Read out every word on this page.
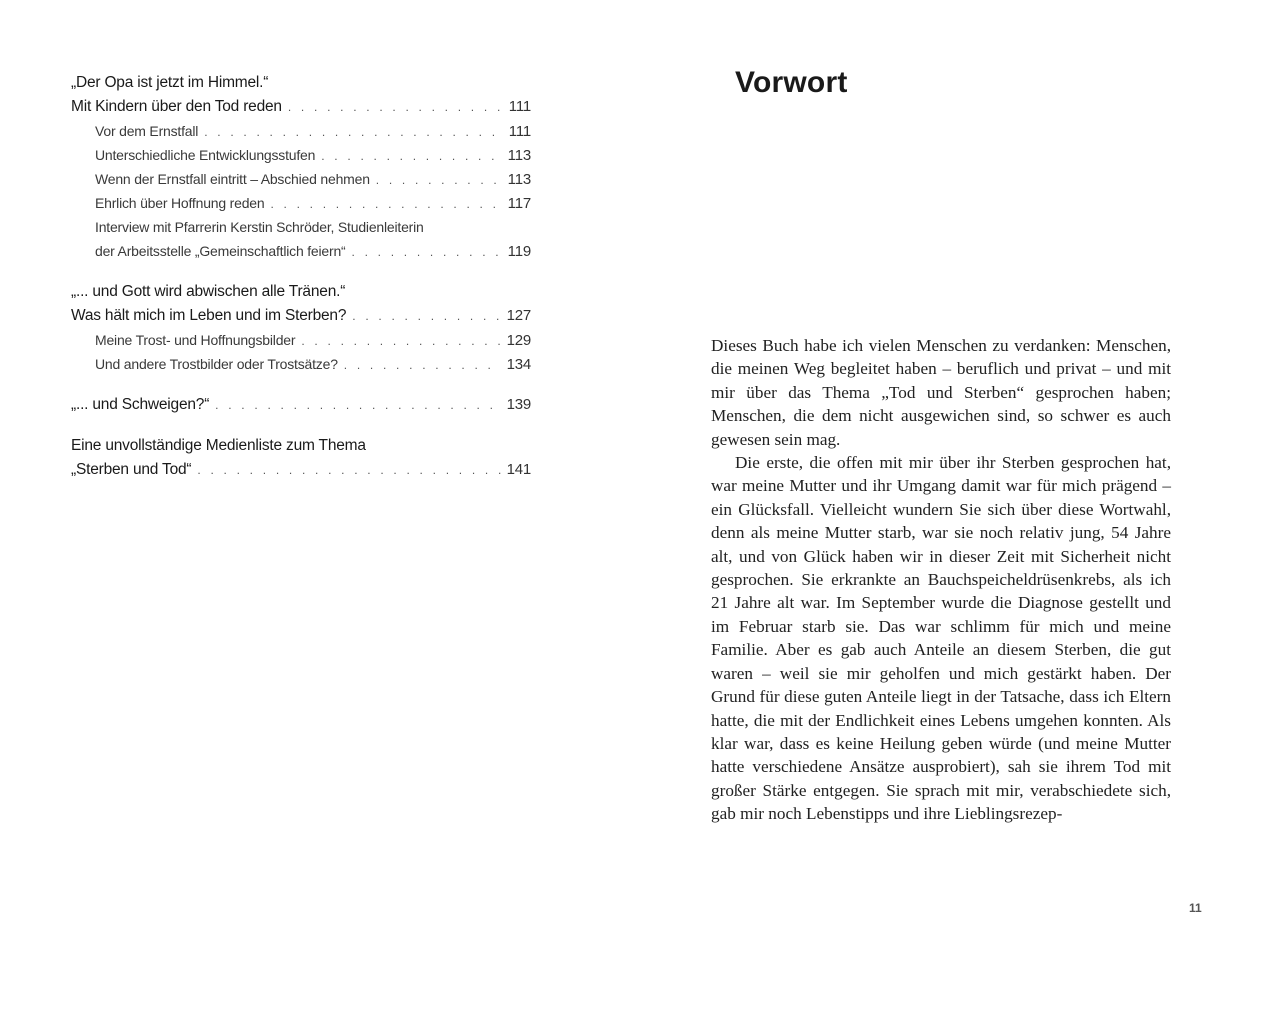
„Der Opa ist jetzt im Himmel.“
Mit Kindern über den Tod reden . . .	111
Vor dem Ernstfall . . .	111
Unterschiedliche Entwicklungsstufen . . .	113
Wenn der Ernstfall eintritt – Abschied nehmen . . .	113
Ehrlich über Hoffnung reden . . .	117
Interview mit Pfarrerin Kerstin Schröder, Studienleiterin
der Arbeitsstelle „Gemeinschaftlich feiern“ . . .	119
„... und Gott wird abwischen alle Tränen.“
Was hält mich im Leben und im Sterben? . . .	127
Meine Trost- und Hoffnungsbilder . . .	129
Und andere Trostbilder oder Trostsätze? . . .	134
„... und Schweigen?“ . . .	139
Eine unvollständige Medienliste zum Thema
„Sterben und Tod“ . . .	141
Vorwort

Dieses Buch habe ich vielen Menschen zu verdanken: Menschen, die meinen Weg begleitet haben – beruflich und privat – und mit mir über das Thema „Tod und Sterben“ gesprochen haben; Menschen, die dem nicht ausgewichen sind, so schwer es auch gewesen sein mag.

Die erste, die offen mit mir über ihr Sterben gesprochen hat, war meine Mutter und ihr Umgang damit war für mich prägend – ein Glücksfall. Vielleicht wundern Sie sich über diese Wortwahl, denn als meine Mutter starb, war sie noch relativ jung, 54 Jahre alt, und von Glück haben wir in dieser Zeit mit Sicherheit nicht gesprochen. Sie erkrankte an Bauchspeicheldrüsenkrebs, als ich 21 Jahre alt war. Im September wurde die Diagnose gestellt und im Februar starb sie. Das war schlimm für mich und meine Familie. Aber es gab auch Anteile an diesem Sterben, die gut waren – weil sie mir geholfen und mich gestärkt haben. Der Grund für diese guten Anteile liegt in der Tatsache, dass ich Eltern hatte, die mit der Endlichkeit eines Lebens umgehen konnten. Als klar war, dass es keine Heilung geben würde (und meine Mutter hatte verschiedene Ansätze ausprobiert), sah sie ihrem Tod mit großer Stärke entgegen. Sie sprach mit mir, verabschiedete sich, gab mir noch Lebenstipps und ihre Lieblingsrezep-

11
